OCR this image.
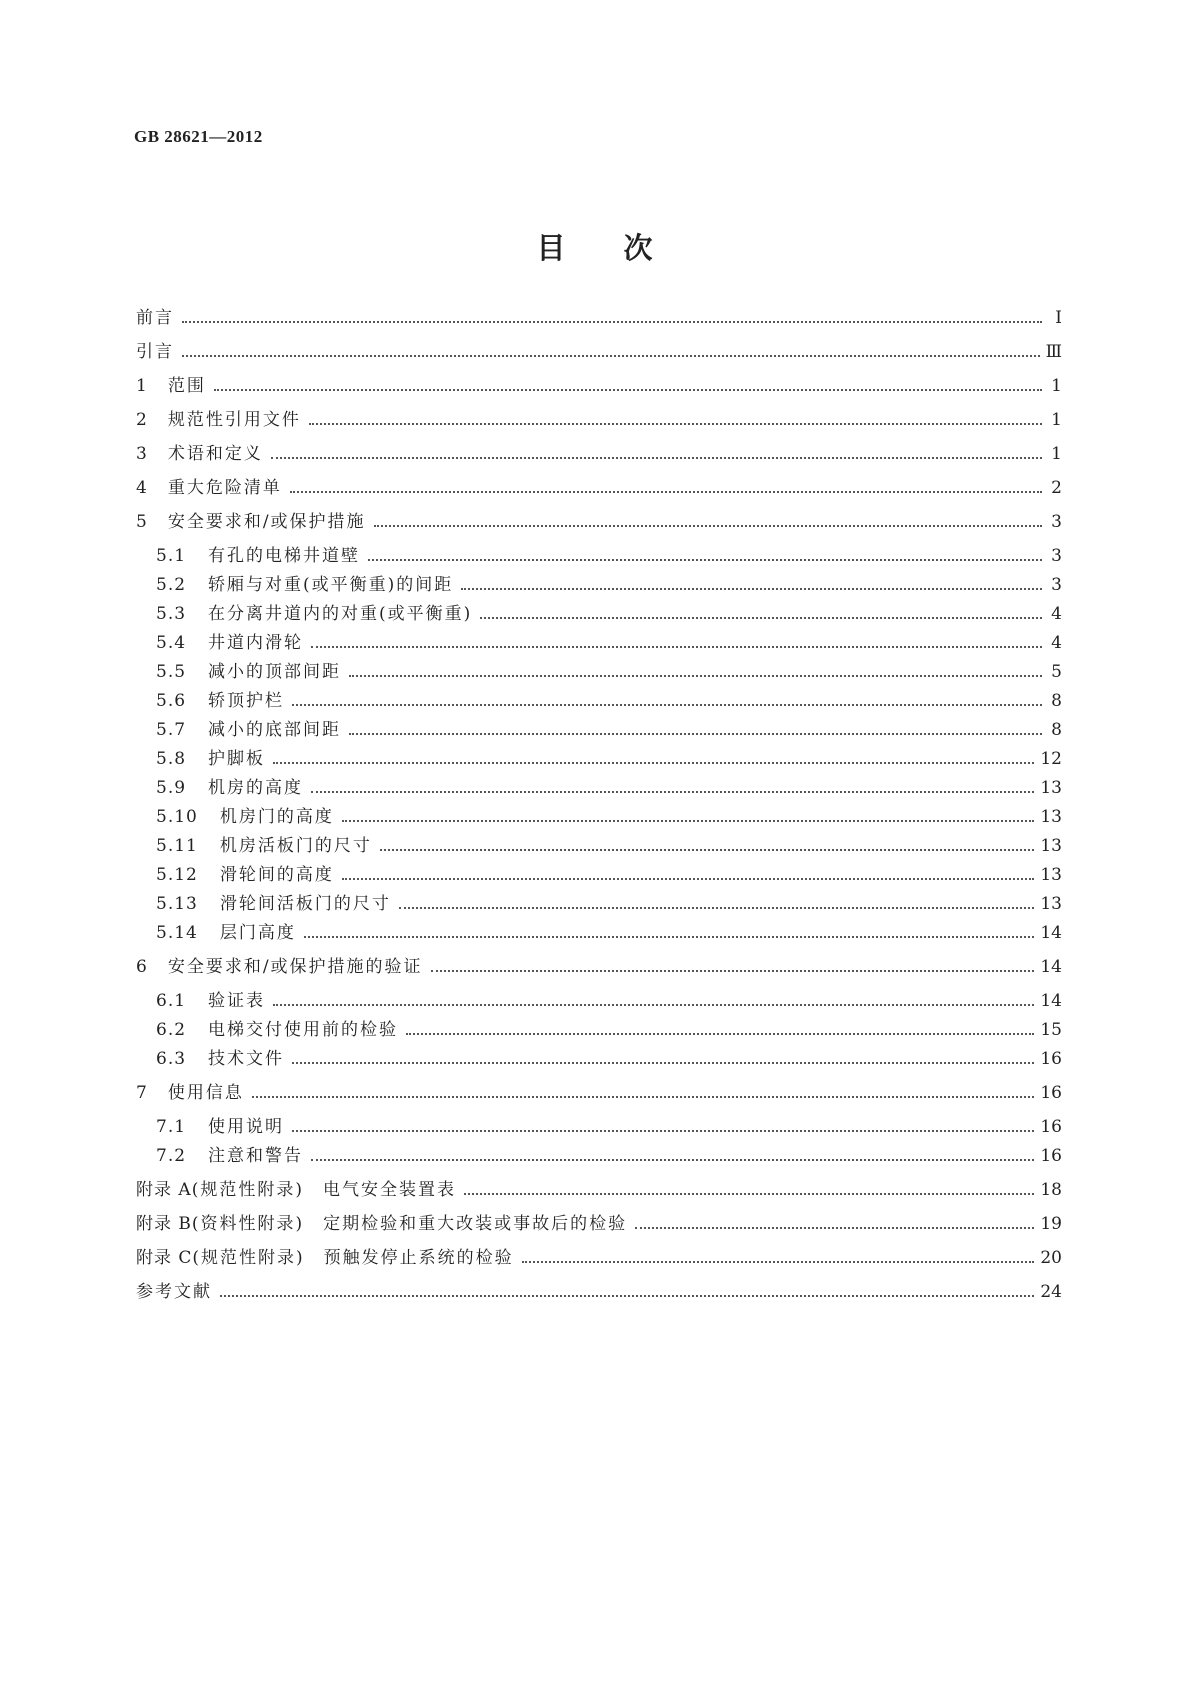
GB 28621—2012
目 次
前言	Ⅰ
引言	Ⅲ
1 范围	1
2 规范性引用文件	1
3 术语和定义	1
4 重大危险清单	2
5 安全要求和/或保护措施	3
5.1 有孔的电梯井道壁	3
5.2 轿厢与对重(或平衡重)的间距	3
5.3 在分离井道内的对重(或平衡重)	4
5.4 井道内滑轮	4
5.5 减小的顶部间距	5
5.6 轿顶护栏	8
5.7 减小的底部间距	8
5.8 护脚板	12
5.9 机房的高度	13
5.10 机房门的高度	13
5.11 机房活板门的尺寸	13
5.12 滑轮间的高度	13
5.13 滑轮间活板门的尺寸	13
5.14 层门高度	14
6 安全要求和/或保护措施的验证	14
6.1 验证表	14
6.2 电梯交付使用前的检验	15
6.3 技术文件	16
7 使用信息	16
7.1 使用说明	16
7.2 注意和警告	16
附录 A (规范性附录)　电气安全装置表	18
附录 B (资料性附录)　定期检验和重大改装或事故后的检验	19
附录 C (规范性附录)　预触发停止系统的检验	20
参考文献	24
